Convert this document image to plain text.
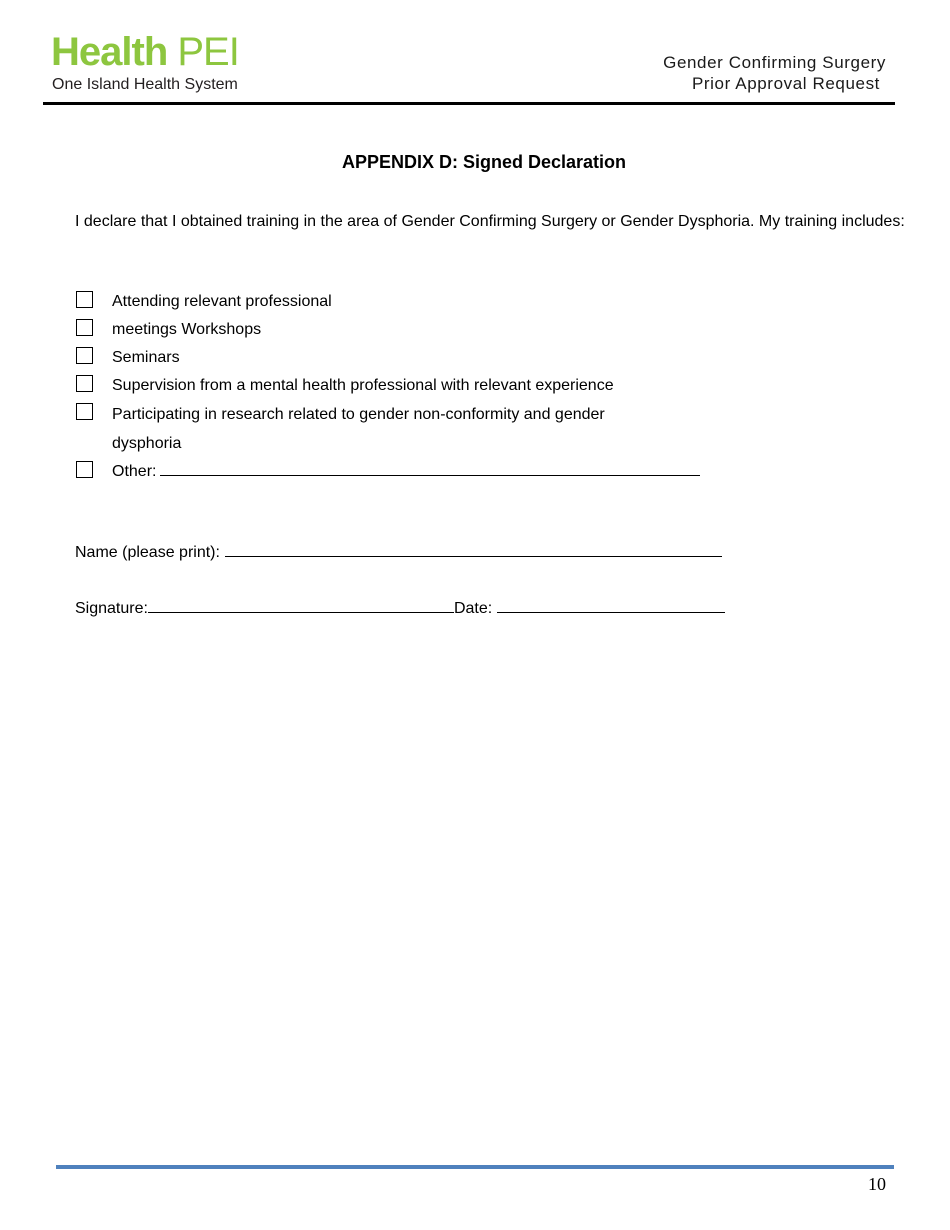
Health PEI
One Island Health System
Gender Confirming Surgery
Prior Approval Request
APPENDIX D: Signed Declaration
I declare that I obtained training in the area of Gender Confirming Surgery or Gender Dysphoria. My training includes:
Attending relevant professional
meetings Workshops
Seminars
Supervision from a mental health professional with relevant experience
Participating in research related to gender non-conformity and gender dysphoria
Other:
Name (please print):
Signature:	Date:
10
